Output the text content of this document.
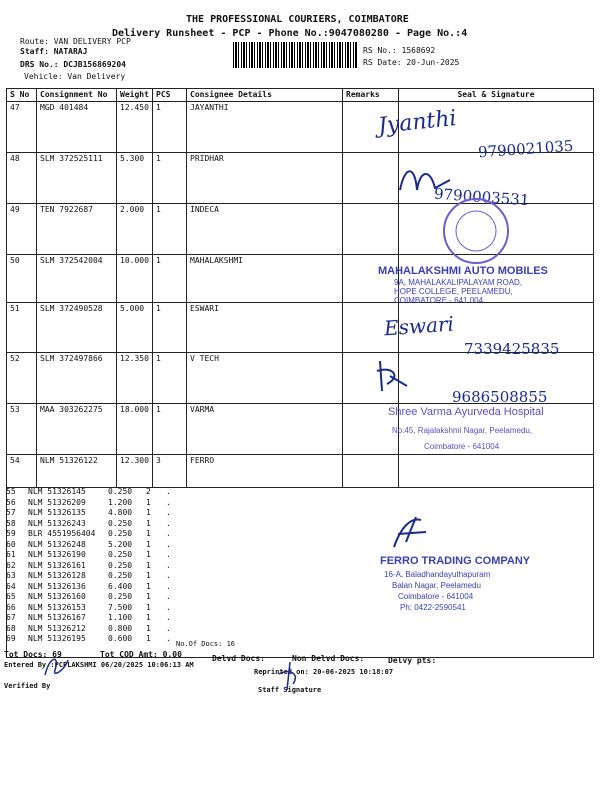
THE PROFESSIONAL COURIERS, COIMBATORE
Delivery Runsheet - PCP - Phone No.:9047080280 - Page No.:4
Route: VAN DELIVERY PCP
Staff: NATARAJ
DRS No.: DCJB156869204
Vehicle: Van Delivery
RS No.: 1568692
RS Date: 20-Jun-2025
S No	Consignment No	Weight	PCS	Consignee Details	Remarks	Seal & Signature
47	MGD 401484	12.450	1	JAYANTHI		
48	SLM 372525111	5.300	1	PRIDHAR		
49	TEN 7922687	2.000	1	INDECA		
50	SLM 372542004	10.000	1	MAHALAKSHMI		
51	SLM 372490528	5.000	1	ESWARI		
52	SLM 372497866	12.350	1	V TECH		
53	MAA 303262275	18.000	1	VARMA		
54	NLM 51326122	12.300	3	FERRO		

55 NLM 51326145	0.250 2 .
56 NLM 51326209	1.200 1 .
57 NLM 51326135	4.800 1 .
58 NLM 51326243	0.250 1 .
59 BLR 4551956404 0.250 1 .
60 NLM 51326248	5.200 1 .
61 NLM 51326190	0.250 1 .
62 NLM 51326161	0.250 1 .
63 NLM 51326128	0.250 1 .
64 NLM 51326136	6.400 1 .
65 NLM 51326160	0.250 1 .
66 NLM 51326153	7.500 1 .
67 NLM 51326167	1.100 1 .
68 NLM 51326212	0.800 1 .
69 NLM 51326195	0.600 1 .
No.Of Docs: 16
Jyanthi
9790021035
9790003531
MAHALAKSHMI AUTO MOBILES
9A, MAHALAKALIPALAYAM ROAD,
HOPE COLLEGE, PEELAMEDU,
COIMBATORE - 641 004
Eswari
7339425835
9686508855
Shree Varma Ayurveda Hospital
No.45, Rajalakshmi Nagar, Peelamedu,
Coimbatore - 641004
FERRO TRADING COMPANY
16-A, Baladhandayuthapuram
Balan Nagar, Peelamedu
Coimbatore - 641004
Ph: 0422-2590541
Tot Docs: 69	Tot COD Amt: 0.00	Delvd Docs:	Non Delvd Docs:	Delvy pts:
Entered By :PCPLAKSHMI 06/20/2025 10:06:13 AM
Reprinted on: 20-06-2025 10:18:07
Verified By	Staff Signature
